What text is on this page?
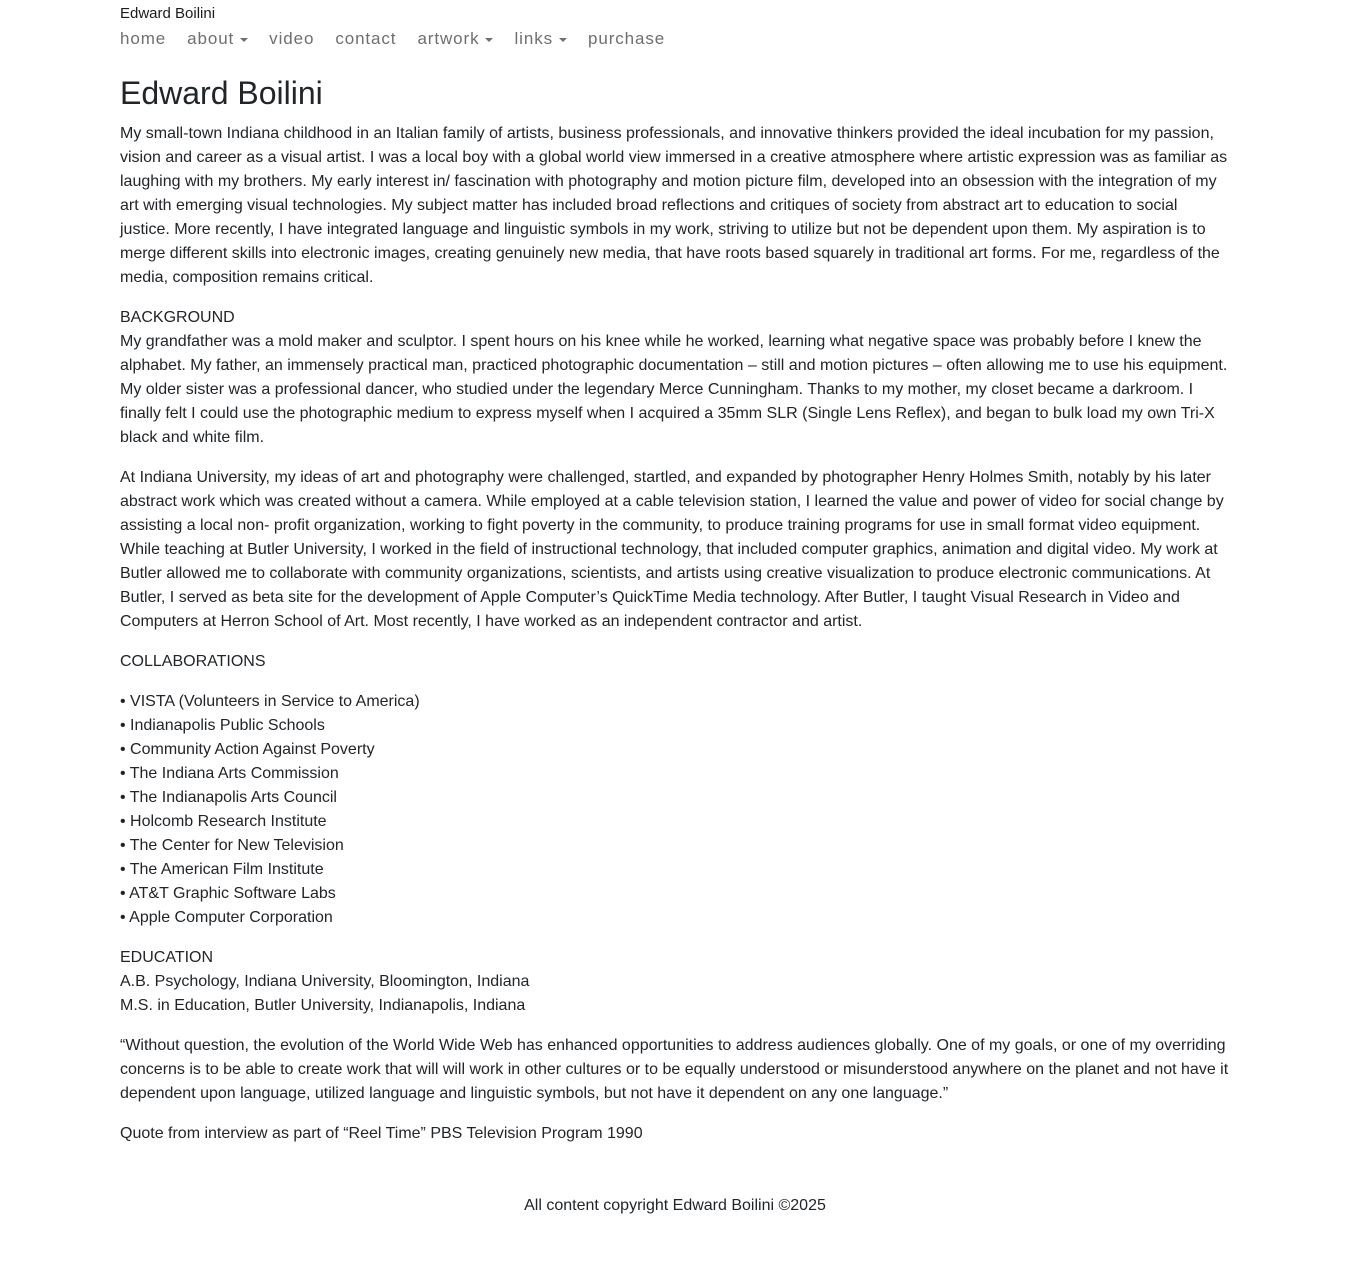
Edward Boilini
home about	video contact artwork	links	purchase
Edward Boilini

My small-town Indiana childhood in an Italian family of artists, business professionals, and innovative thinkers provided the ideal incubation for my passion, vision and career as a visual artist. I was a local boy with a global world view immersed in a creative atmosphere where artistic expression was as familiar as laughing with my brothers. My early interest in/ fascination with photography and motion picture film, developed into an obsession with the integration of my art with emerging visual technologies. My subject matter has included broad reflections and critiques of society from abstract art to education to social justice. More recently, I have integrated language and linguistic symbols in my work, striving to utilize but not be dependent upon them. My aspiration is to merge different skills into electronic images, creating genuinely new media, that have roots based squarely in traditional art forms. For me, regardless of the media, composition remains critical.

BACKGROUND
My grandfather was a mold maker and sculptor. I spent hours on his knee while he worked, learning what negative space was probably before I knew the alphabet. My father, an immensely practical man, practiced photographic documentation – still and motion pictures – often allowing me to use his equipment. My older sister was a professional dancer, who studied under the legendary Merce Cunningham. Thanks to my mother, my closet became a darkroom. I finally felt I could use the photographic medium to express myself when I acquired a 35mm SLR (Single Lens Reflex), and began to bulk load my own Tri-X black and white film.

At Indiana University, my ideas of art and photography were challenged, startled, and expanded by photographer Henry Holmes Smith, notably by his later abstract work which was created without a camera. While employed at a cable television station, I learned the value and power of video for social change by assisting a local non- profit organization, working to fight poverty in the community, to produce training programs for use in small format video equipment. While teaching at Butler University, I worked in the field of instructional technology, that included computer graphics, animation and digital video. My work at Butler allowed me to collaborate with community organizations, scientists, and artists using creative visualization to produce electronic communications. At Butler, I served as beta site for the development of Apple Computer’s QuickTime Media technology. After Butler, I taught Visual Research in Video and Computers at Herron School of Art. Most recently, I have worked as an independent contractor and artist.

COLLABORATIONS

• VISTA (Volunteers in Service to America)
• Indianapolis Public Schools
• Community Action Against Poverty
• The Indiana Arts Commission
• The Indianapolis Arts Council
• Holcomb Research Institute
• The Center for New Television
• The American Film Institute
• AT&T Graphic Software Labs
• Apple Computer Corporation
EDUCATION
A.B. Psychology, Indiana University, Bloomington, Indiana
M.S. in Education, Butler University, Indianapolis, Indiana

“Without question, the evolution of the World Wide Web has enhanced opportunities to address audiences globally. One of my goals, or one of my overriding concerns is to be able to create work that will will work in other cultures or to be equally understood or misunderstood anywhere on the planet and not have it dependent upon language, utilized language and linguistic symbols, but not have it dependent on any one language.”

Quote from interview as part of “Reel Time” PBS Television Program 1990

All content copyright Edward Boilini ©2025
